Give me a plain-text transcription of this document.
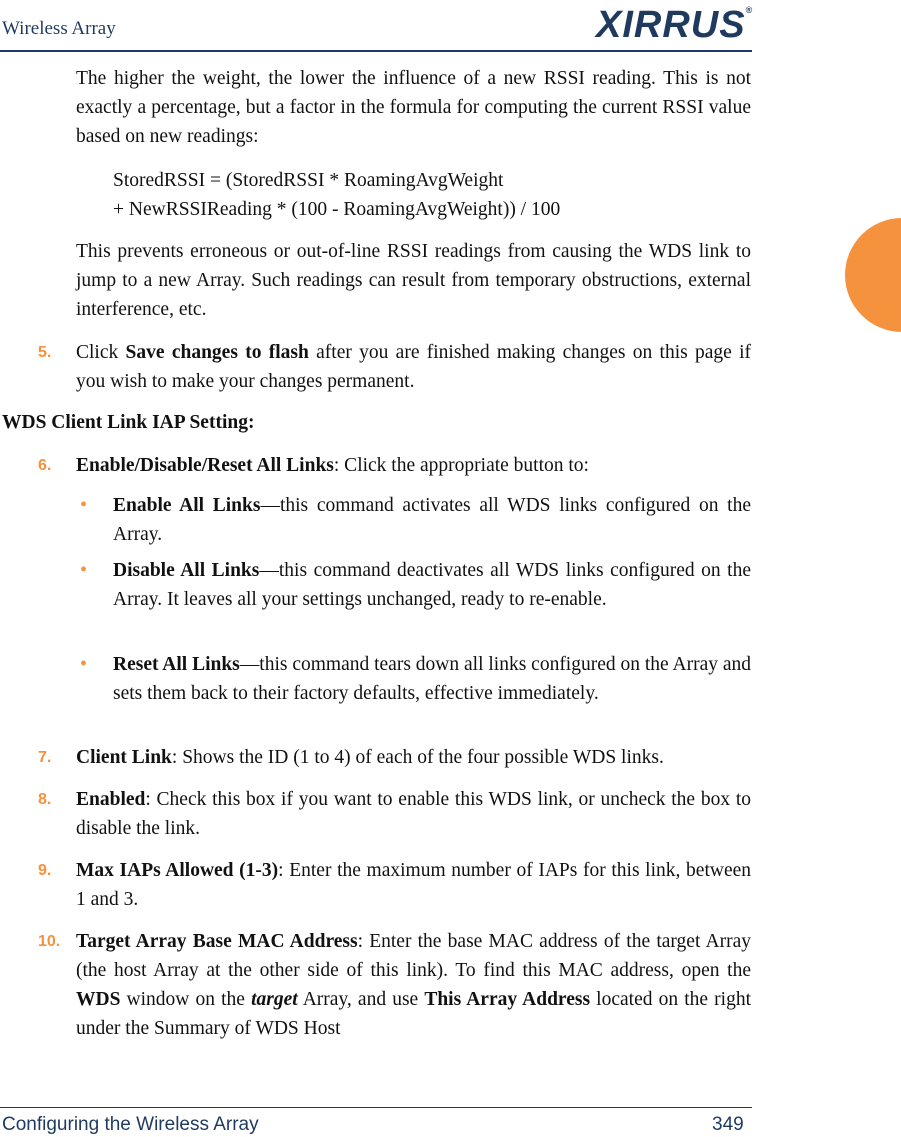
Wireless Array	XIRRUS®
The higher the weight, the lower the influence of a new RSSI reading. This is not exactly a percentage, but a factor in the formula for computing the current RSSI value based on new readings:
StoredRSSI = (StoredRSSI * RoamingAvgWeight
+ NewRSSIReading * (100 - RoamingAvgWeight)) / 100
This prevents erroneous or out-of-line RSSI readings from causing the WDS link to jump to a new Array. Such readings can result from temporary obstructions, external interference, etc.
5.	Click Save changes to flash after you are finished making changes on this page if you wish to make your changes permanent.
WDS Client Link IAP Setting:
6.	Enable/Disable/Reset All Links: Click the appropriate button to:
• Enable All Links—this command activates all WDS links configured on the Array.
• Disable All Links—this command deactivates all WDS links configured on the Array. It leaves all your settings unchanged, ready to re-enable.
• Reset All Links—this command tears down all links configured on the Array and sets them back to their factory defaults, effective immediately.
7.	Client Link: Shows the ID (1 to 4) of each of the four possible WDS links.
8.	Enabled: Check this box if you want to enable this WDS link, or uncheck the box to disable the link.
9.	Max IAPs Allowed (1-3): Enter the maximum number of IAPs for this link, between 1 and 3.
10. Target Array Base MAC Address: Enter the base MAC address of the target Array (the host Array at the other side of this link). To find this MAC address, open the WDS window on the target Array, and use This Array Address located on the right under the Summary of WDS Host
Configuring the Wireless Array	349
